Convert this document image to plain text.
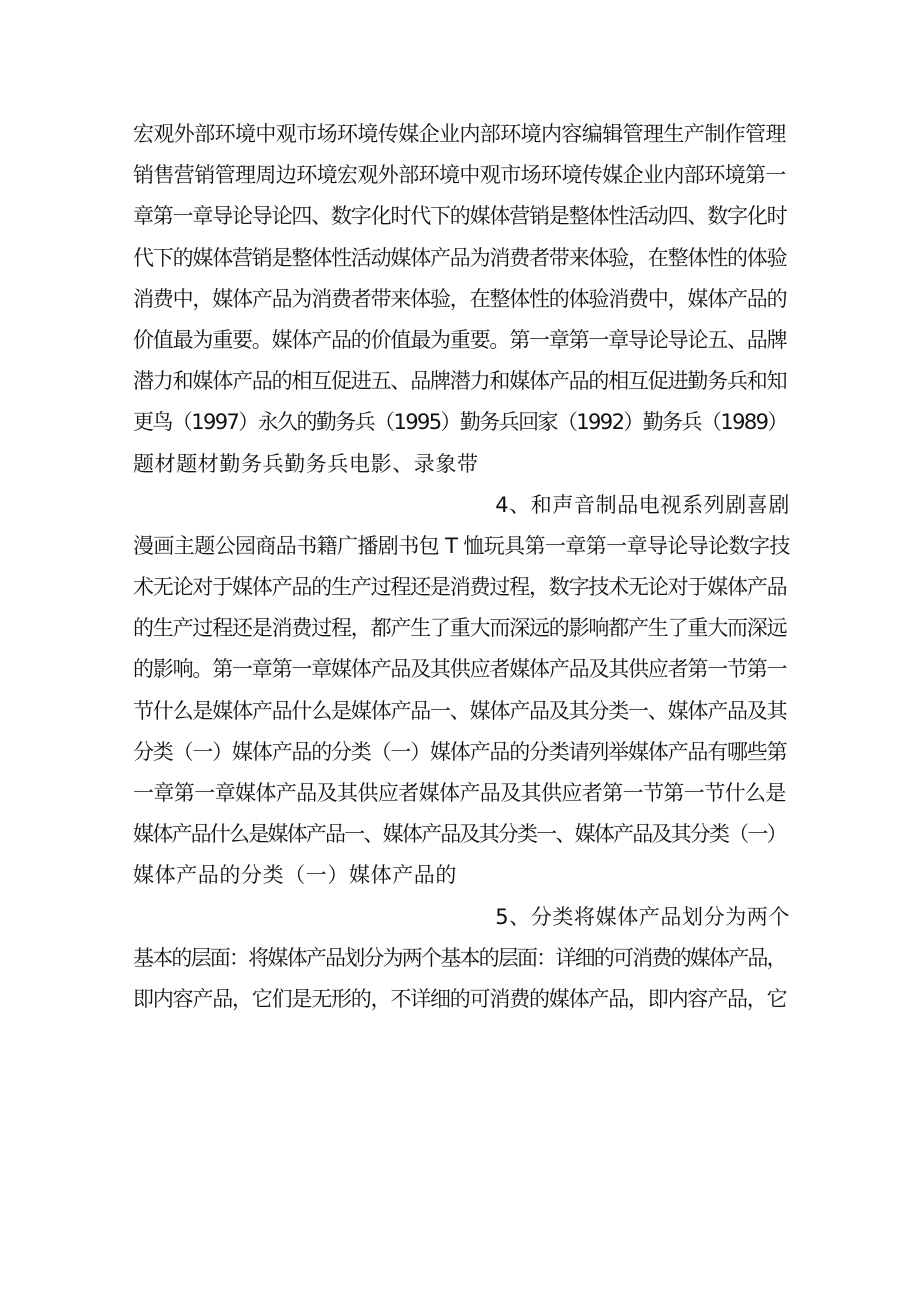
宏观外部环境中观市场环境传媒企业内部环境内容编辑管理生产制作管理
销售营销管理周边环境宏观外部环境中观市场环境传媒企业内部环境第一
章第一章导论导论四、数字化时代下的媒体营销是整体性活动四、数字化时
代下的媒体营销是整体性活动媒体产品为消费者带来体验，在整体性的体验
消费中，媒体产品为消费者带来体验，在整体性的体验消费中，媒体产品的
价值最为重要。媒体产品的价值最为重要。第一章第一章导论导论五、品牌
潜力和媒体产品的相互促进五、品牌潜力和媒体产品的相互促进勤务兵和知
更鸟（1997）永久的勤务兵（1995）勤务兵回家（1992）勤务兵（1989）
题材题材勤务兵勤务兵电影、录象带
4、和声音制品电视系列剧喜剧
漫画主题公园商品书籍广播剧书包 T 恤玩具第一章第一章导论导论数字技
术无论对于媒体产品的生产过程还是消费过程，数字技术无论对于媒体产品
的生产过程还是消费过程，都产生了重大而深远的影响都产生了重大而深远
的影响。第一章第一章媒体产品及其供应者媒体产品及其供应者第一节第一
节什么是媒体产品什么是媒体产品一、媒体产品及其分类一、媒体产品及其
分类（一）媒体产品的分类（一）媒体产品的分类请列举媒体产品有哪些第
一章第一章媒体产品及其供应者媒体产品及其供应者第一节第一节什么是
媒体产品什么是媒体产品一、媒体产品及其分类一、媒体产品及其分类（一）
媒体产品的分类（一）媒体产品的
5、分类将媒体产品划分为两个
基本的层面：将媒体产品划分为两个基本的层面：详细的可消费的媒体产品，
即内容产品，它们是无形的，不详细的可消费的媒体产品，即内容产品，它
